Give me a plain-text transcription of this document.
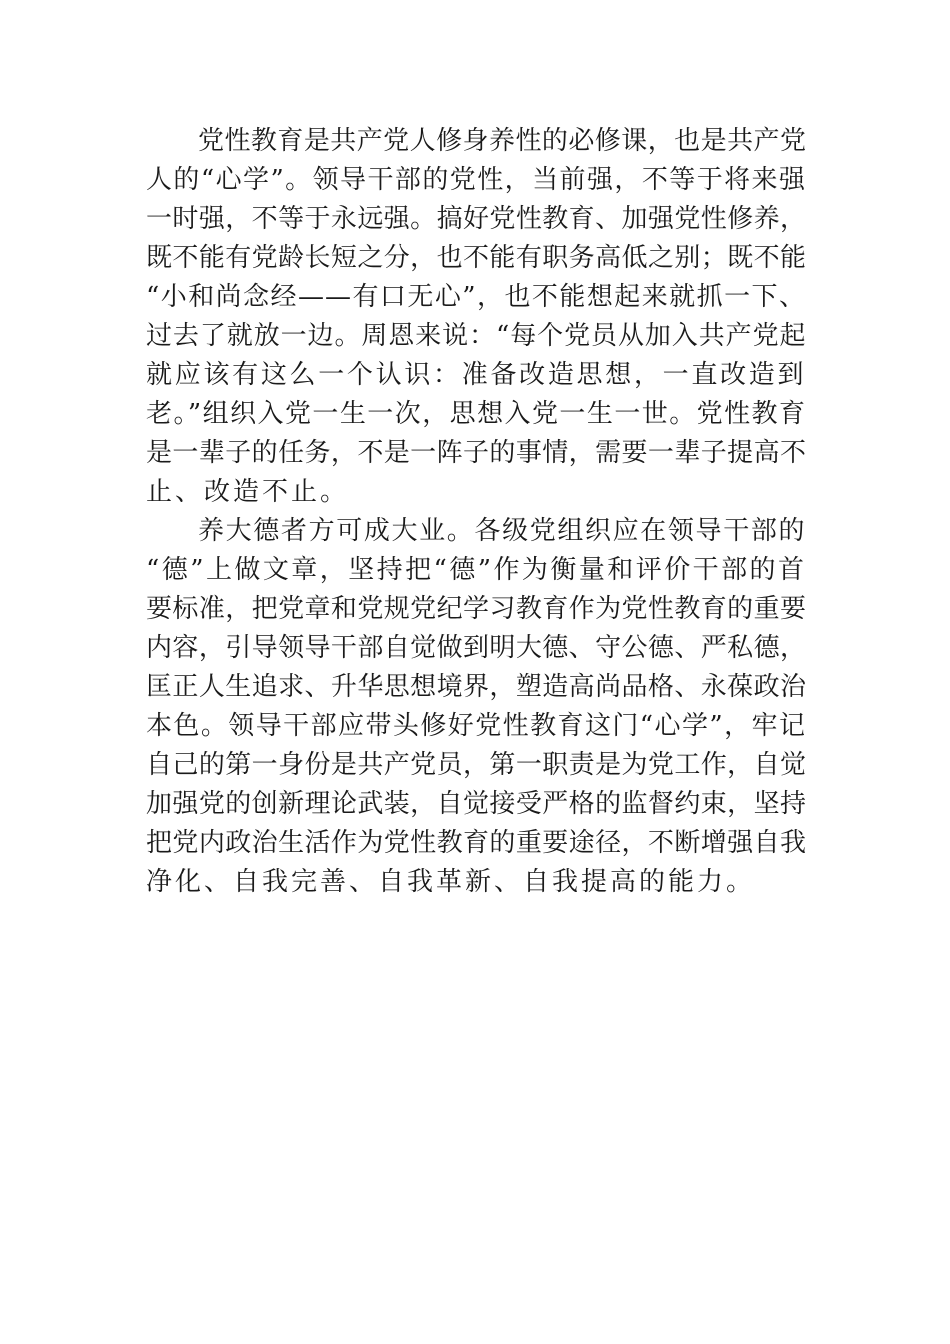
党性教育是共产党人修身养性的必修课，也是共产党
人的“心学”。领导干部的党性，当前强，不等于将来强
一时强，不等于永远强。搞好党性教育、加强党性修养，
既不能有党龄长短之分，也不能有职务高低之别；既不能
“小和尚念经——有口无心”，也不能想起来就抓一下、
过去了就放一边。周恩来说：“每个党员从加入共产党起
就应该有这么一个认识：准备改造思想，一直改造到
老。”组织入党一生一次，思想入党一生一世。党性教育
是一辈子的任务，不是一阵子的事情，需要一辈子提高不
止、改造不止。
养大德者方可成大业。各级党组织应在领导干部的
“德”上做文章，坚持把“德”作为衡量和评价干部的首
要标准，把党章和党规党纪学习教育作为党性教育的重要
内容，引导领导干部自觉做到明大德、守公德、严私德，
匡正人生追求、升华思想境界，塑造高尚品格、永葆政治
本色。领导干部应带头修好党性教育这门“心学”，牢记
自己的第一身份是共产党员，第一职责是为党工作，自觉
加强党的创新理论武装，自觉接受严格的监督约束，坚持
把党内政治生活作为党性教育的重要途径，不断增强自我
净化、自我完善、自我革新、自我提高的能力。
